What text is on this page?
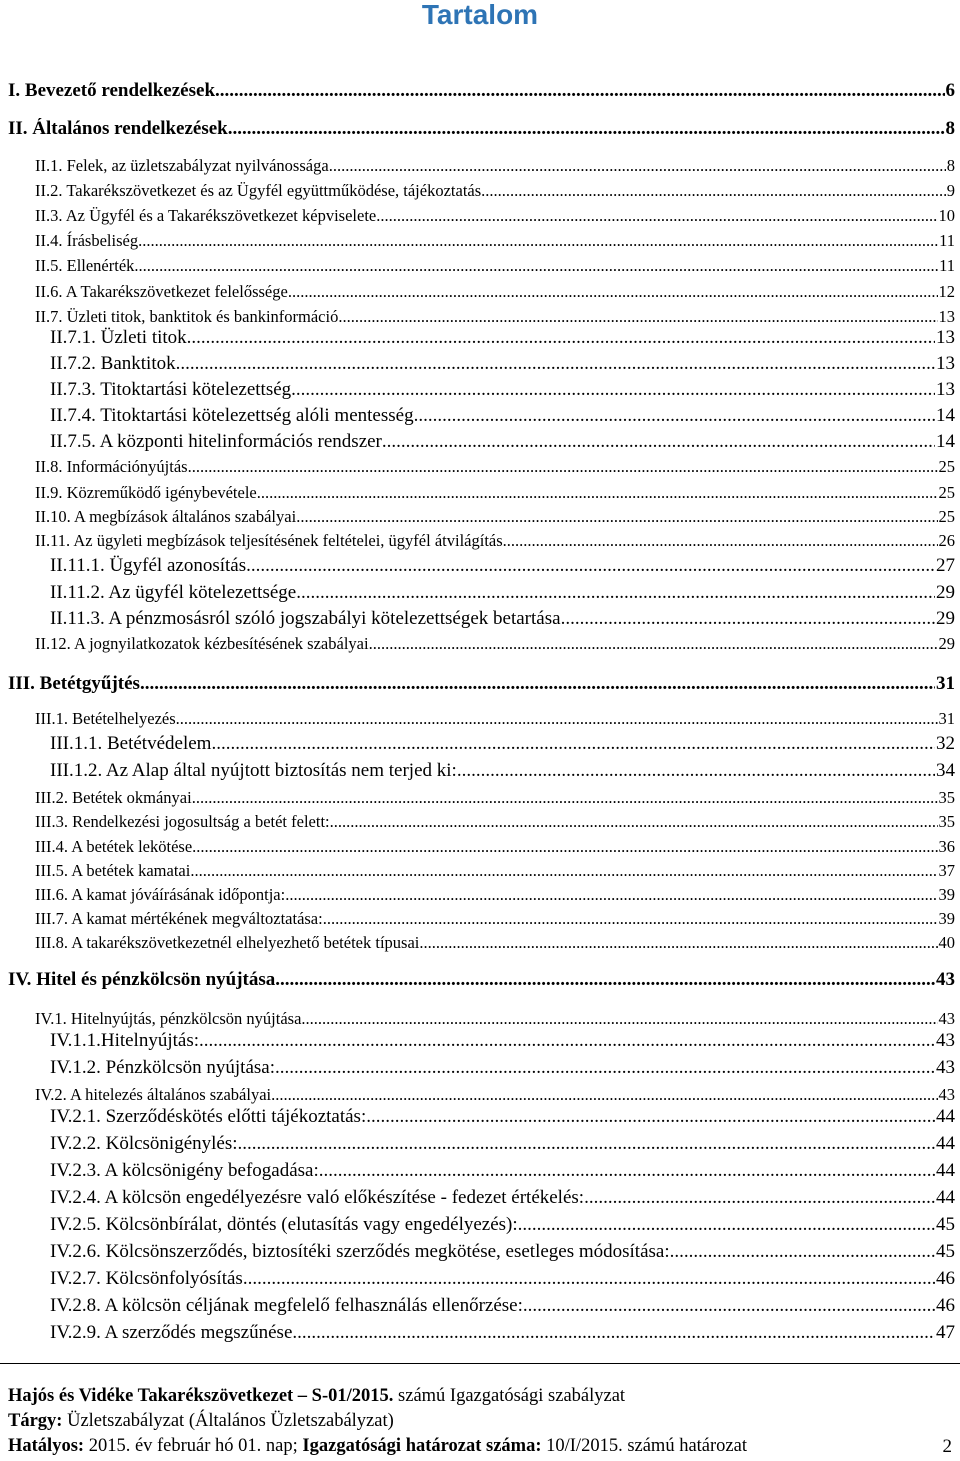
Tartalom
I. Bevezető rendelkezések .....	6
II. Általános rendelkezések .....	8
II.1. Felek, az üzletszabályzat nyilvánossága .....	8
II.2. Takarékszövetkezet és az Ügyfél együttműködése, tájékoztatás .....	9
II.3. Az Ügyfél és a Takarékszövetkezet képviselete .....	10
II.4. Írásbeliség .....	11
II.5. Ellenérték .....	11
II.6. A Takarékszövetkezet felelőssége .....	12
II.7. Üzleti titok, banktitok és bankinformáció .....	13
II.7.1. Üzleti titok .....	13
II.7.2. Banktitok .....	13
II.7.3. Titoktartási kötelezettség .....	13
II.7.4. Titoktartási kötelezettség alóli mentesség .....	14
II.7.5. A központi hitelinformációs rendszer .....	14
II.8. Információnyújtás .....	25
II.9. Közreműködő igénybevétele .....	25
II.10. A megbízások általános szabályai .....	25
II.11. Az ügyleti megbízások teljesítésének feltételei, ügyfél átvilágítás .....	26
II.11.1. Ügyfél azonosítás .....	27
II.11.2. Az ügyfél kötelezettsége .....	29
II.11.3. A pénzmosásról szóló jogszabályi kötelezettségek betartása .....	29
II.12. A jognyilatkozatok kézbesítésének szabályai .....	29
III. Betétgyűjtés .....	31
III.1. Betételhelyezés .....	31
III.1.1. Betétvédelem .....	32
III.1.2. Az Alap által nyújtott biztosítás nem terjed ki: .....	34
III.2. Betétek okmányai .....	35
III.3. Rendelkezési jogosultság a betét felett: .....	35
III.4. A betétek lekötése .....	36
III.5. A betétek kamatai .....	37
III.6. A kamat jóváírásának időpontja: .....	39
III.7. A kamat mértékének megváltoztatása: .....	39
III.8. A takarékszövetkezetnél elhelyezhető betétek típusai .....	40
IV. Hitel és pénzkölcsön nyújtása .....	43
IV.1. Hitelnyújtás, pénzkölcsön nyújtása .....	43
IV.1.1.Hitelnyújtás: .....	43
IV.1.2. Pénzkölcsön nyújtása: .....	43
IV.2. A hitelezés általános szabályai .....	43
IV.2.1. Szerződéskötés előtti tájékoztatás: .....	44
IV.2.2. Kölcsönigénylés: .....	44
IV.2.3. A kölcsönigény befogadása: .....	44
IV.2.4. A kölcsön engedélyezésre való előkészítése - fedezet értékelés: .....	44
IV.2.5. Kölcsönbírálat, döntés (elutasítás vagy engedélyezés): .....	45
IV.2.6. Kölcsönszerződés, biztosítéki szerződés megkötése, esetleges módosítása: .....	45
IV.2.7. Kölcsönfolyósítás .....	46
IV.2.8. A kölcsön céljának megfelelő felhasználás ellenőrzése: .....	46
IV.2.9. A szerződés megszűnése .....	47
Hajós és Vidéke Takarékszövetkezet – S-01/2015. számú Igazgatósági szabályzat
Tárgy: Üzletszabályzat (Általános Üzletszabályzat)
Hatályos: 2015. év február hó 01. nap; Igazgatósági határozat száma: 10/I/2015. számú határozat	2
